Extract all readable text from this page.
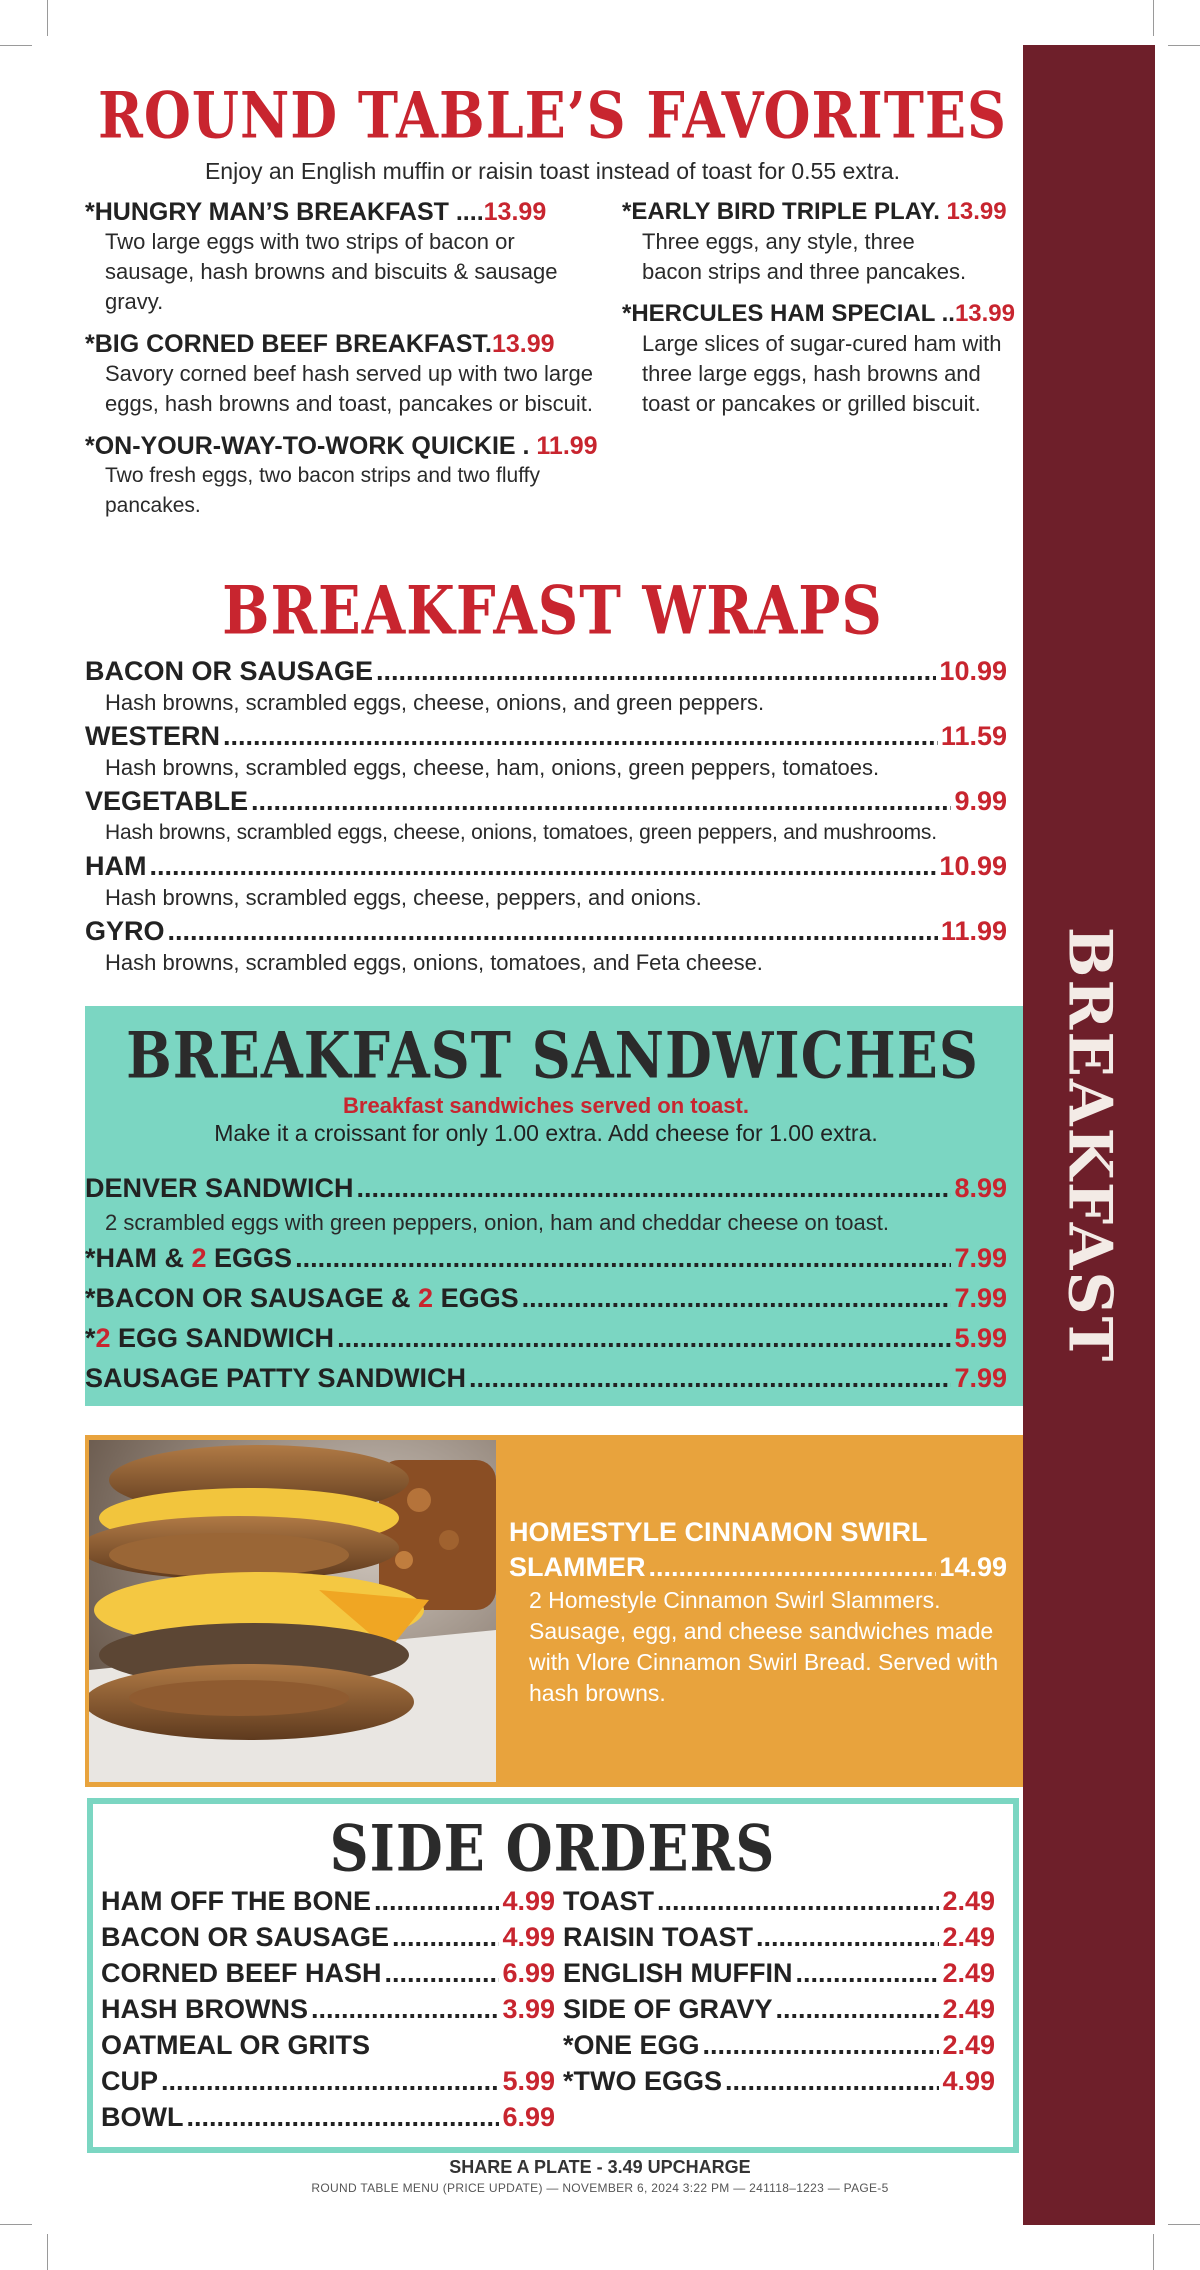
BREAKFAST
ROUND TABLE’S FAVORITES
Enjoy an English muffin or raisin toast instead of toast for 0.55 extra.
*HUNGRY MAN’S BREAKFAST ....13.99
Two large eggs with two strips of bacon or sausage, hash browns and biscuits & sausage gravy.
*BIG CORNED BEEF BREAKFAST.13.99
Savory corned beef hash served up with two large eggs, hash browns and toast, pancakes or biscuit.
*ON-YOUR-WAY-TO-WORK QUICKIE . 11.99
Two fresh eggs, two bacon strips and two fluffy pancakes.
*EARLY BIRD TRIPLE PLAY. 13.99
Three eggs, any style, three bacon strips and three pancakes.
*HERCULES HAM SPECIAL ..13.99
Large slices of sugar-cured ham with three large eggs, hash browns and toast or pancakes or grilled biscuit.
BREAKFAST WRAPS
BACON OR SAUSAGE .....	10.99
Hash browns, scrambled eggs, cheese, onions, and green peppers.
WESTERN .....	11.59
Hash browns, scrambled eggs, cheese, ham, onions, green peppers, tomatoes.
VEGETABLE .....	9.99
Hash browns, scrambled eggs, cheese, onions, tomatoes, green peppers, and mushrooms.
HAM .....	10.99
Hash browns, scrambled eggs, cheese, peppers, and onions.
GYRO .....	11.99
Hash browns, scrambled eggs, onions, tomatoes, and Feta cheese.
BREAKFAST SANDWICHES
Breakfast sandwiches served on toast.
Make it a croissant for only 1.00 extra. Add cheese for 1.00 extra.
DENVER SANDWICH .....	8.99
2 scrambled eggs with green peppers, onion, ham and cheddar cheese on toast.
*HAM & 2 EGGS .....	7.99
*BACON OR SAUSAGE & 2 EGGS .....	7.99
*2 EGG SANDWICH .....	5.99
SAUSAGE PATTY SANDWICH .....	7.99
HOMESTYLE CINNAMON SWIRL
SLAMMER .....	14.99
2 Homestyle Cinnamon Swirl Slammers. Sausage, egg, and cheese sandwiches made with Vlore Cinnamon Swirl Bread. Served with hash browns.
SIDE ORDERS
HAM OFF THE BONE .....	4.99
BACON OR SAUSAGE .....	4.99
CORNED BEEF HASH .....	6.99
HASH BROWNS .....	3.99
OATMEAL OR GRITS
CUP .....	5.99
BOWL .....	6.99
TOAST .....	2.49
RAISIN TOAST .....	2.49
ENGLISH MUFFIN .....	2.49
SIDE OF GRAVY .....	2.49
*ONE EGG .....	2.49
*TWO EGGS .....	4.99
SHARE A PLATE - 3.49 UPCHARGE
ROUND TABLE MENU (PRICE UPDATE) — NOVEMBER 6, 2024 3:22 PM — 241118–1223 — PAGE-5
